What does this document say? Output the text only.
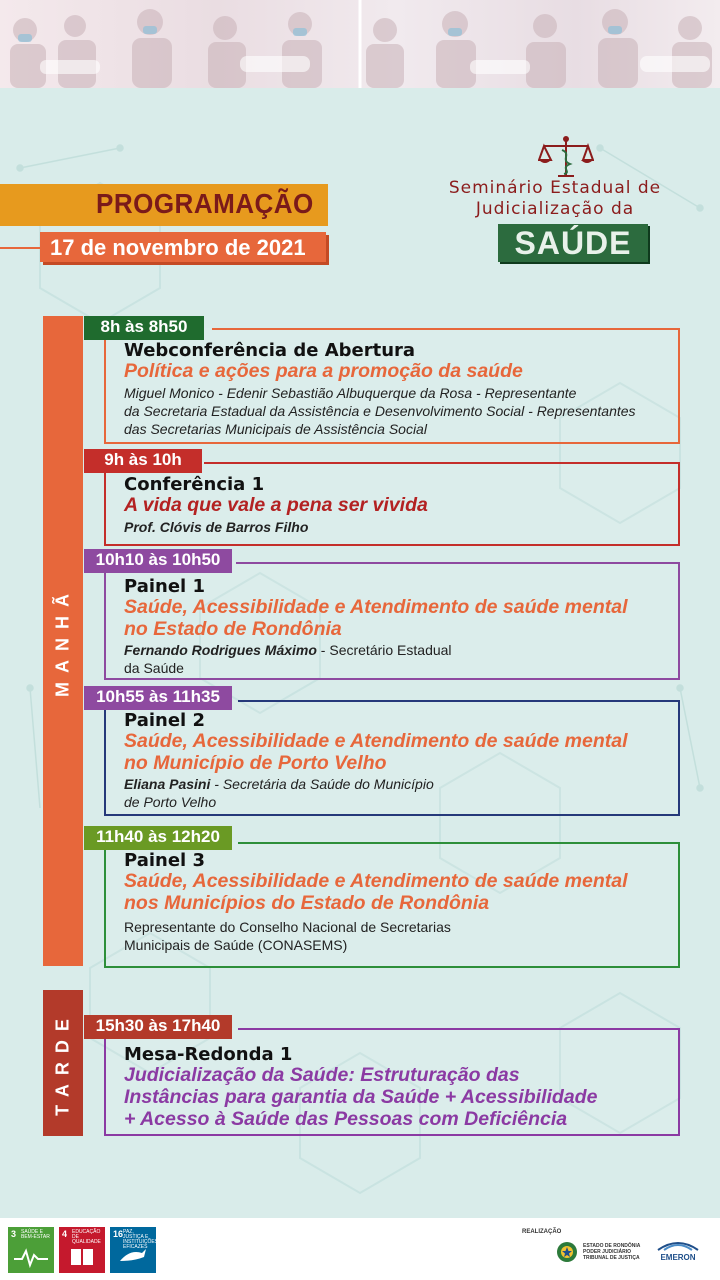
PROGRAMAÇÃO
17 de novembro de 2021
Seminário Estadual de
Judicialização da
SAÚDE
MANHÃ
TARDE
Webconferência de Abertura
Política e ações para a promoção da saúde
Miguel Monico - Edenir Sebastião Albuquerque da Rosa - Representante
da Secretaria Estadual da Assistência e Desenvolvimento Social - Representantes
das Secretarias Municipais de Assistência Social
8h às 8h50
Conferência 1
A vida que vale a pena ser vivida
Prof. Clóvis de Barros Filho
9h às 10h
Painel 1
Saúde, Acessibilidade e Atendimento de saúde mental
no Estado de Rondônia
Fernando Rodrigues Máximo - Secretário Estadual
da Saúde
10h10 às 10h50
Painel 2
Saúde, Acessibilidade e Atendimento de saúde mental
no Município de Porto Velho
Eliana Pasini - Secretária da Saúde do Município
de Porto Velho
10h55 às 11h35
Painel 3
Saúde, Acessibilidade e Atendimento de saúde mental
nos Municípios do Estado de Rondônia
Representante do Conselho Nacional de Secretarias
Municipais de Saúde (CONASEMS)
11h40 às 12h20
Mesa-Redonda 1
Judicialização da Saúde: Estruturação das
Instâncias para garantia da Saúde + Acessibilidade
+ Acesso à Saúde das Pessoas com Deficiência
15h30 às 17h40
3 SAÚDE E BEM-ESTAR 4 EDUCAÇÃO DE QUALIDADE
16 PAZ, JUSTIÇA E INSTITUIÇÕES EFICAZES
REALIZAÇÃO
ESTADO DE RONDÔNIA
PODER JUDICIÁRIO
TRIBUNAL DE JUSTIÇA	EMERON
